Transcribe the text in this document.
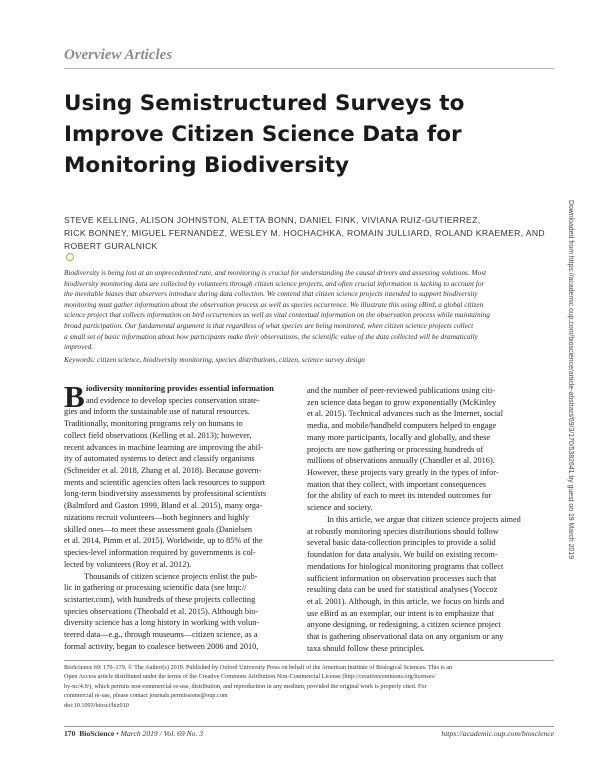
Overview Articles
Using Semistructured Surveys to
Improve Citizen Science Data for
Monitoring Biodiversity
STEVE KELLING, ALISON JOHNSTON, ALETTA BONN, DANIEL FINK, VIVIANA RUIZ-GUTIERREZ,
RICK BONNEY, MIGUEL FERNANDEZ, WESLEY M. HOCHACHKA, ROMAIN JULLIARD, ROLAND KRAEMER, AND
ROBERT GURALNICK
Biodiversity is being lost at an unprecedented rate, and monitoring is crucial for understanding the causal drivers and assessing solutions. Most
biodiversity monitoring data are collected by volunteers through citizen science projects, and often crucial information is lacking to account for
the inevitable biases that observers introduce during data collection. We contend that citizen science projects intended to support biodiversity
monitoring must gather information about the observation process as well as species occurrence. We illustrate this using eBird, a global citizen
science project that collects information on bird occurrences as well as vital contextual information on the observation process while maintaining
broad participation. Our fundamental argument is that regardless of what species are being monitored, when citizen science projects collect
a small set of basic information about how participants make their observations, the scientific value of the data collected will be dramatically
improved.
Keywords: citizen science, biodiversity monitoring, species distributions, citizen, science survey design
B iodiversity monitoring provides essential information
and evidence to develop species conservation strate-
gies and inform the sustainable use of natural resources.
Traditionally, monitoring programs rely on humans to
collect field observations (Kelling et al. 2013); however,
recent advances in machine learning are improving the abil-
ity of automated systems to detect and classify organisms
(Schneider et al. 2018, Zhang et al. 2018). Because govern-
ments and scientific agencies often lack resources to support
long-term biodiversity assessments by professional scientists
(Balmford and Gaston 1999, Bland et al. 2015), many orga-
nizations recruit volunteers—both beginners and highly
skilled ones—to meet these assessment goals (Danielsen
et al. 2014, Pimm et al. 2015). Worldwide, up to 85% of the
species-level information required by governments is col-
lected by volunteers (Roy et al. 2012).
Thousands of citizen science projects enlist the pub-
lic in gathering or processing scientific data (see http://
scistarter.com), with hundreds of these projects collecting
species observations (Theobald et al. 2015). Although bio-
diversity science has a long history in working with volun-
teered data—e.g., through museums—citizen science, as a
formal activity, began to coalesce between 2006 and 2010,
and the number of peer-reviewed publications using citi-
zen science data began to grow exponentially (McKinley
et al. 2015). Technical advances such as the Internet, social
media, and mobile/handheld computers helped to engage
many more participants, locally and globally, and these
projects are now gathering or processing hundreds of
millions of observations annually (Chandler et al. 2016).
However, these projects vary greatly in the types of infor-
mation that they collect, with important consequences
for the ability of each to meet its intended outcomes for
science and society.
In this article, we argue that citizen science projects aimed
at robustly monitoring species distributions should follow
several basic data-collection principles to provide a solid
foundation for data analysis. We build on existing recom-
mendations for biological monitoring programs that collect
sufficient information on observation processes such that
resulting data can be used for statistical analyses (Yoccoz
et al. 2001). Although, in this article, we focus on birds and
use eBird as an exemplar, our intent is to emphasize that
anyone designing, or redesigning, a citizen science project
that is gathering observational data on any organism or any
taxa should follow these principles.
BioScience 69: 170–179. © The Author(s) 2019. Published by Oxford University Press on behalf of the American Institute of Biological Sciences. This is an
Open Access article distributed under the terms of the Creative Commons Attribution Non-Commercial License (http://creativecommons.org/licenses/
by-nc/4.0/), which permits non-commercial re-use, distribution, and reproduction in any medium, provided the original work is properly cited. For
commercial re-use, please contact journals.permissions@oup.com
doi:10.1093/biosci/biz010
170 BioScience • March 2019 / Vol. 69 No. 3	https://academic.oup.com/bioscience
Downloaded from https://academic.oup.com/bioscience/article-abstract/69/3/170/5382641 by guest on 19 March 2019
